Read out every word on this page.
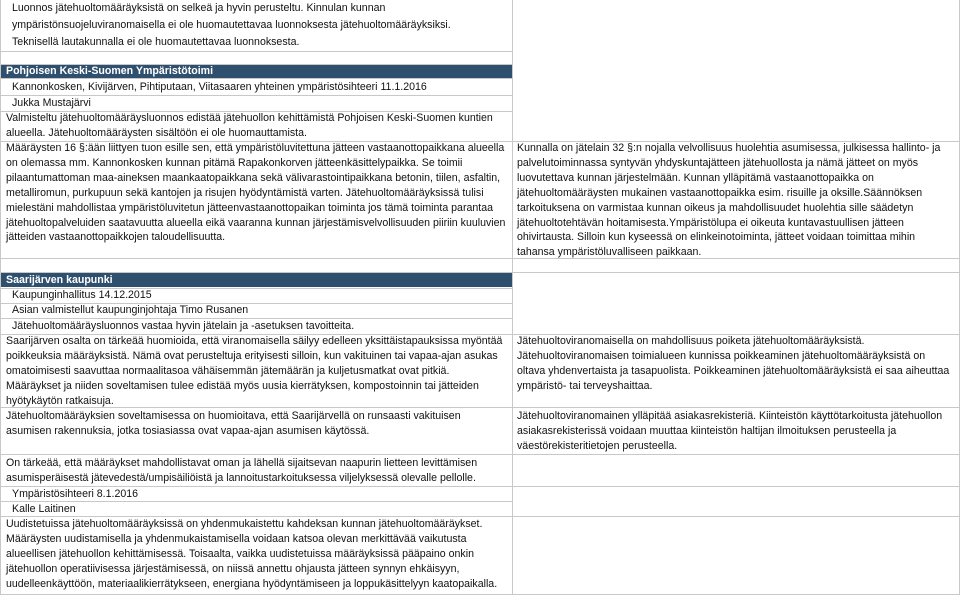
Luonnos jätehuoltomääräyksistä on selkeä ja hyvin perusteltu. Kinnulan kunnan

ympäristönsuojeluviranomaisella ei ole huomautettavaa luonnoksesta jätehuoltomääräyksiksi.

Teknisellä lautakunnalla ei ole huomautettavaa luonnoksesta.

Pohjoisen Keski-Suomen Ympäristötoimi

Kannonkosken, Kivijärven, Pihtiputaan, Viitasaaren yhteinen ympäristösihteeri 11.1.2016

Jukka Mustajärvi

Valmisteltu jätehuoltomääräysluonnos edistää jätehuollon kehittämistä Pohjoisen Keski-Suomen kuntien alueella. Jätehuoltomääräysten sisältöön ei ole huomauttamista.

Määräysten 16 §:ään liittyen tuon esille sen, että ympäristöluvitettuna jätteen vastaanottopaikkana alueella on olemassa mm. Kannonkosken kunnan pitämä Rapakonkorven jätteenkäsittelypaikka. Se toimii pilaantumattoman maa-aineksen maankaatopaikkana sekä välivarastointipaikkana betonin, tiilen, asfaltin, metalliromun, purkupuun sekä kantojen ja risujen hyödyntämistä varten. Jätehuoltomääräyksissä tulisi mielestäni mahdollistaa ympäristöluvitetun jätteenvastaanottopaikan toiminta jos tämä toiminta parantaa jätehuoltopalveluiden saatavuutta alueella eikä vaaranna kunnan järjestämisvelvollisuuden piiriin kuuluvien jätteiden vastaanottopaikkojen taloudellisuutta.

Kunnalla on jätelain 32 §:n nojalla velvollisuus huolehtia asumisessa, julkisessa hallinto- ja palvelutoiminnassa syntyvän yhdyskuntajätteen jätehuollosta ja nämä jätteet on myös luovutettava kunnan järjestelmään. Kunnan ylläpitämä vastaanottopaikka on jätehuoltomääräysten mukainen vastaanottopaikka esim. risuille ja oksille.Säännöksen tarkoituksena on varmistaa kunnan oikeus ja mahdollisuudet huolehtia sille säädetyn jätehuoltotehtävän hoitamisesta.Ympäristölupa ei oikeuta kuntavastuullisen jätteen ohivirtausta. Silloin kun kyseessä on elinkeinotoiminta, jätteet voidaan toimittaa mihin tahansa ympäristöluvalliseen paikkaan.

Saarijärven kaupunki

Kaupunginhallitus 14.12.2015

Asian valmistellut kaupunginjohtaja Timo Rusanen

Jätehuoltomääräysluonnos vastaa hyvin jätelain ja -asetuksen tavoitteita.

Saarijärven osalta on tärkeää huomioida, että viranomaisella säilyy edelleen yksittäistapauksissa myöntää poikkeuksia määräyksistä. Nämä ovat perusteltuja erityisesti silloin, kun vakituinen tai vapaa-ajan asukas omatoimisesti saavuttaa normaalitasoa vähäisemmän jätemäärän ja kuljetusmatkat ovat pitkiä. Määräykset ja niiden soveltamisen tulee edistää myös uusia kierrätyksen, kompostoinnin tai jätteiden hyötykäytön ratkaisuja.

Jätehuoltoviranomaisella on mahdollisuus poiketa jätehuoltomääräyksistä. Jätehuoltoviranomaisen toimialueen kunnissa poikkeaminen jätehuoltomääräyksistä on oltava yhdenvertaista ja tasapuolista. Poikkeaminen jätehuoltomääräyksistä ei saa aiheuttaa ympäristö- tai terveyshaittaa.

Jätehuoltomääräyksien soveltamisessa on huomioitava, että Saarijärvellä on runsaasti vakituisen asumisen rakennuksia, jotka tosiasiassa ovat vapaa-ajan asumisen käytössä.

Jätehuoltoviranomainen ylläpitää asiakasrekisteriä. Kiinteistön käyttötarkoitusta jätehuollon asiakasrekisterissä voidaan muuttaa kiinteistön haltijan ilmoituksen perusteella ja väestörekisteritietojen perusteella.

On tärkeää, että määräykset mahdollistavat oman ja lähellä sijaitsevan naapurin lietteen levittämisen asumisperäisestä jätevedestä/umpisäiliöistä ja lannoitustarkoituksessa viljelyksessä olevalle pellolle.

Ympäristösihteeri 8.1.2016

Kalle Laitinen

Uudistetuissa jätehuoltomääräyksissä on yhdenmukaistettu kahdeksan kunnan jätehuoltomääräykset. Määräysten uudistamisella ja yhdenmukaistamisella voidaan katsoa olevan merkittävää vaikutusta alueellisen jätehuollon kehittämisessä. Toisaalta, vaikka uudistetuissa määräyksissä pääpaino onkin jätehuollon operatiivisessa järjestämisessä, on niissä annettu ohjausta jätteen synnyn ehkäisyyn, uudelleenkäyttöön, materiaalikierrätykseen, energiana hyödyntämiseen ja loppukäsittelyyn kaatopaikalla.
